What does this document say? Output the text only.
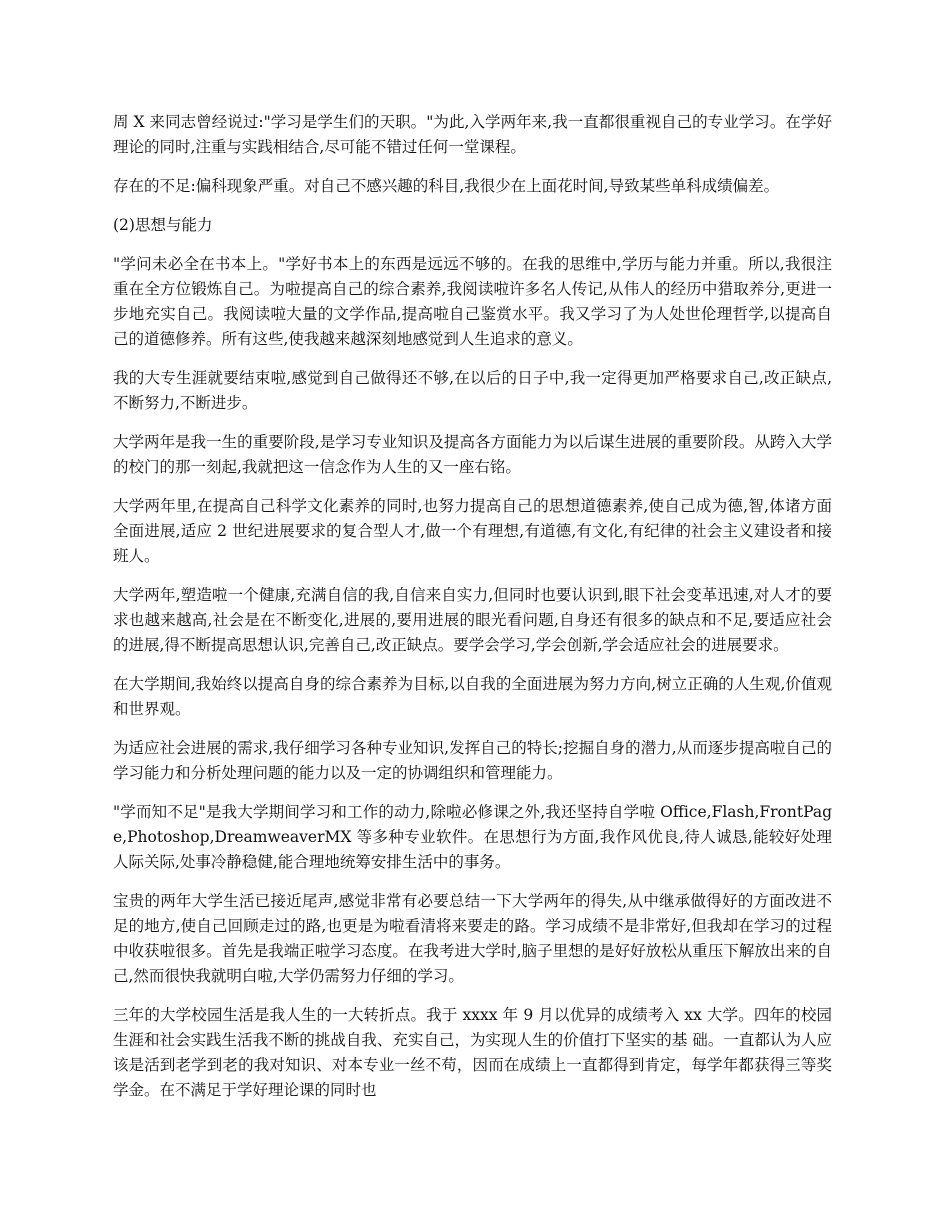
周 X 来同志曾经说过:"学习是学生们的天职。"为此,入学两年来,我一直都很重视自己的专业学习。在学好理论的同时,注重与实践相结合,尽可能不错过任何一堂课程。

存在的不足:偏科现象严重。对自己不感兴趣的科目,我很少在上面花时间,导致某些单科成绩偏差。

(2)思想与能力

"学问未必全在书本上。"学好书本上的东西是远远不够的。在我的思维中,学历与能力并重。所以,我很注重在全方位锻炼自己。为啦提高自己的综合素养,我阅读啦许多名人传记,从伟人的经历中猎取养分,更进一步地充实自己。我阅读啦大量的文学作品,提高啦自己鉴赏水平。我又学习了为人处世伦理哲学,以提高自己的道德修养。所有这些,使我越来越深刻地感觉到人生追求的意义。

我的大专生涯就要结束啦,感觉到自己做得还不够,在以后的日子中,我一定得更加严格要求自己,改正缺点,不断努力,不断进步。

大学两年是我一生的重要阶段,是学习专业知识及提高各方面能力为以后谋生进展的重要阶段。从跨入大学的校门的那一刻起,我就把这一信念作为人生的又一座右铭。

大学两年里,在提高自己科学文化素养的同时,也努力提高自己的思想道德素养,使自己成为德,智,体诸方面全面进展,适应 2 世纪进展要求的复合型人才,做一个有理想,有道德,有文化,有纪律的社会主义建设者和接班人。

大学两年,塑造啦一个健康,充满自信的我,自信来自实力,但同时也要认识到,眼下社会变革迅速,对人才的要求也越来越高,社会是在不断变化,进展的,要用进展的眼光看问题,自身还有很多的缺点和不足,要适应社会的进展,得不断提高思想认识,完善自己,改正缺点。要学会学习,学会创新,学会适应社会的进展要求。

在大学期间,我始终以提高自身的综合素养为目标,以自我的全面进展为努力方向,树立正确的人生观,价值观和世界观。

为适应社会进展的需求,我仔细学习各种专业知识,发挥自己的特长;挖掘自身的潜力,从而逐步提高啦自己的学习能力和分析处理问题的能力以及一定的协调组织和管理能力。

"学而知不足"是我大学期间学习和工作的动力,除啦必修课之外,我还坚持自学啦 Office,Flash,FrontPage,Photoshop,DreamweaverMX 等多种专业软件。在思想行为方面,我作风优良,待人诚恳,能较好处理人际关际,处事冷静稳健,能合理地统筹安排生活中的事务。

宝贵的两年大学生活已接近尾声,感觉非常有必要总结一下大学两年的得失,从中继承做得好的方面改进不足的地方,使自己回顾走过的路,也更是为啦看清将来要走的路。学习成绩不是非常好,但我却在学习的过程中收获啦很多。首先是我端正啦学习态度。在我考进大学时,脑子里想的是好好放松从重压下解放出来的自己,然而很快我就明白啦,大学仍需努力仔细的学习。

三年的大学校园生活是我人生的一大转折点。我于 xxxx 年 9 月以优异的成绩考入 xx 大学。四年的校园生涯和社会实践生活我不断的挑战自我、充实自己，为实现人生的价值打下坚实的基 础。一直都认为人应该是活到老学到老的我对知识、对本专业一丝不苟，因而在成绩上一直都得到肯定，每学年都获得三等奖学金。在不满足于学好理论课的同时也
